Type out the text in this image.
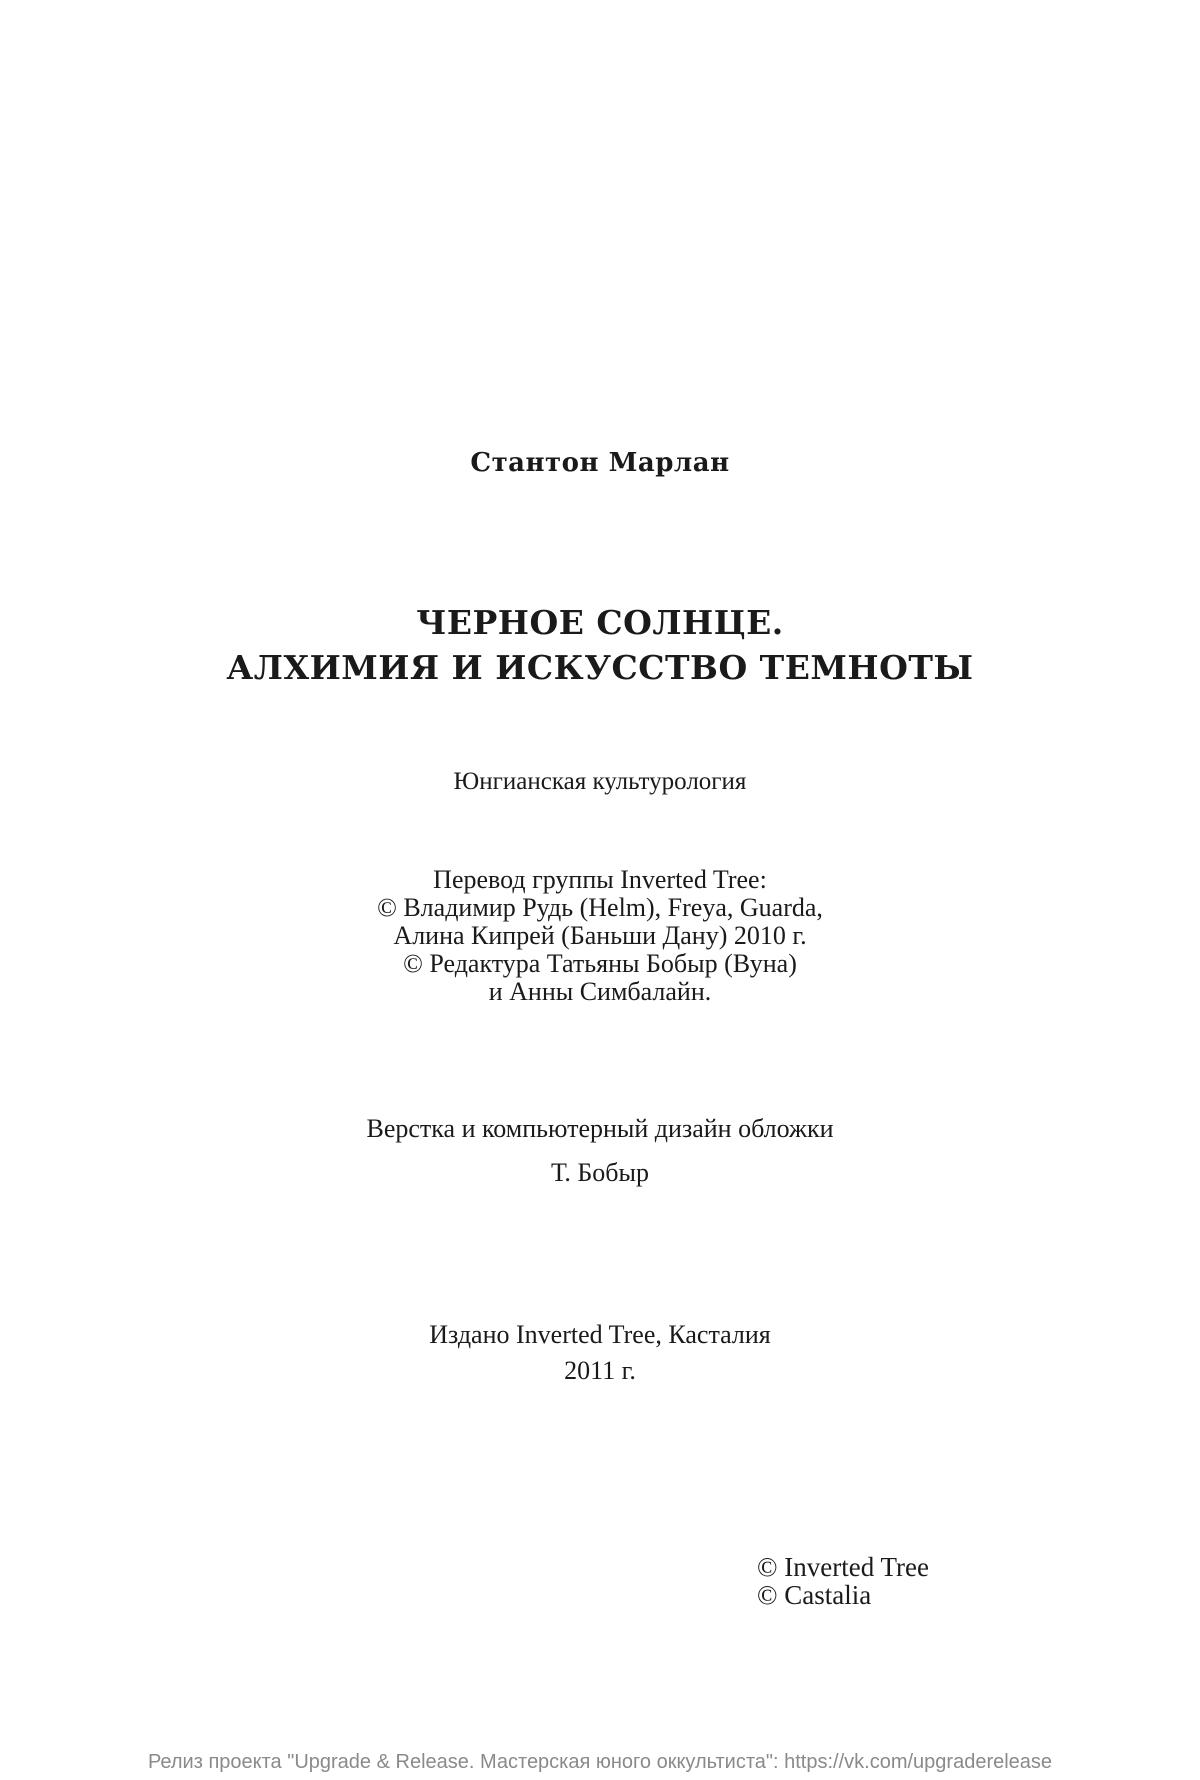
Стантон Марлан
ЧЕРНОЕ СОЛНЦЕ.
АЛХИМИЯ И ИСКУССТВО ТЕМНОТЫ
Юнгианская культурология
Перевод группы Inverted Tree:
© Владимир Рудь (Helm), Freya, Guarda,
Алина Кипрей (Баньши Дану) 2010 г.
© Редактура Татьяны Бобыр (Вуна)
и Анны Симбалайн.
Верстка и компьютерный дизайн обложки
Т. Бобыр
Издано Inverted Tree, Касталия
2011 г.
© Inverted Tree
© Castalia
Релиз проекта "Upgrade & Release. Мастерская юного оккультиста": https://vk.com/upgraderelease
